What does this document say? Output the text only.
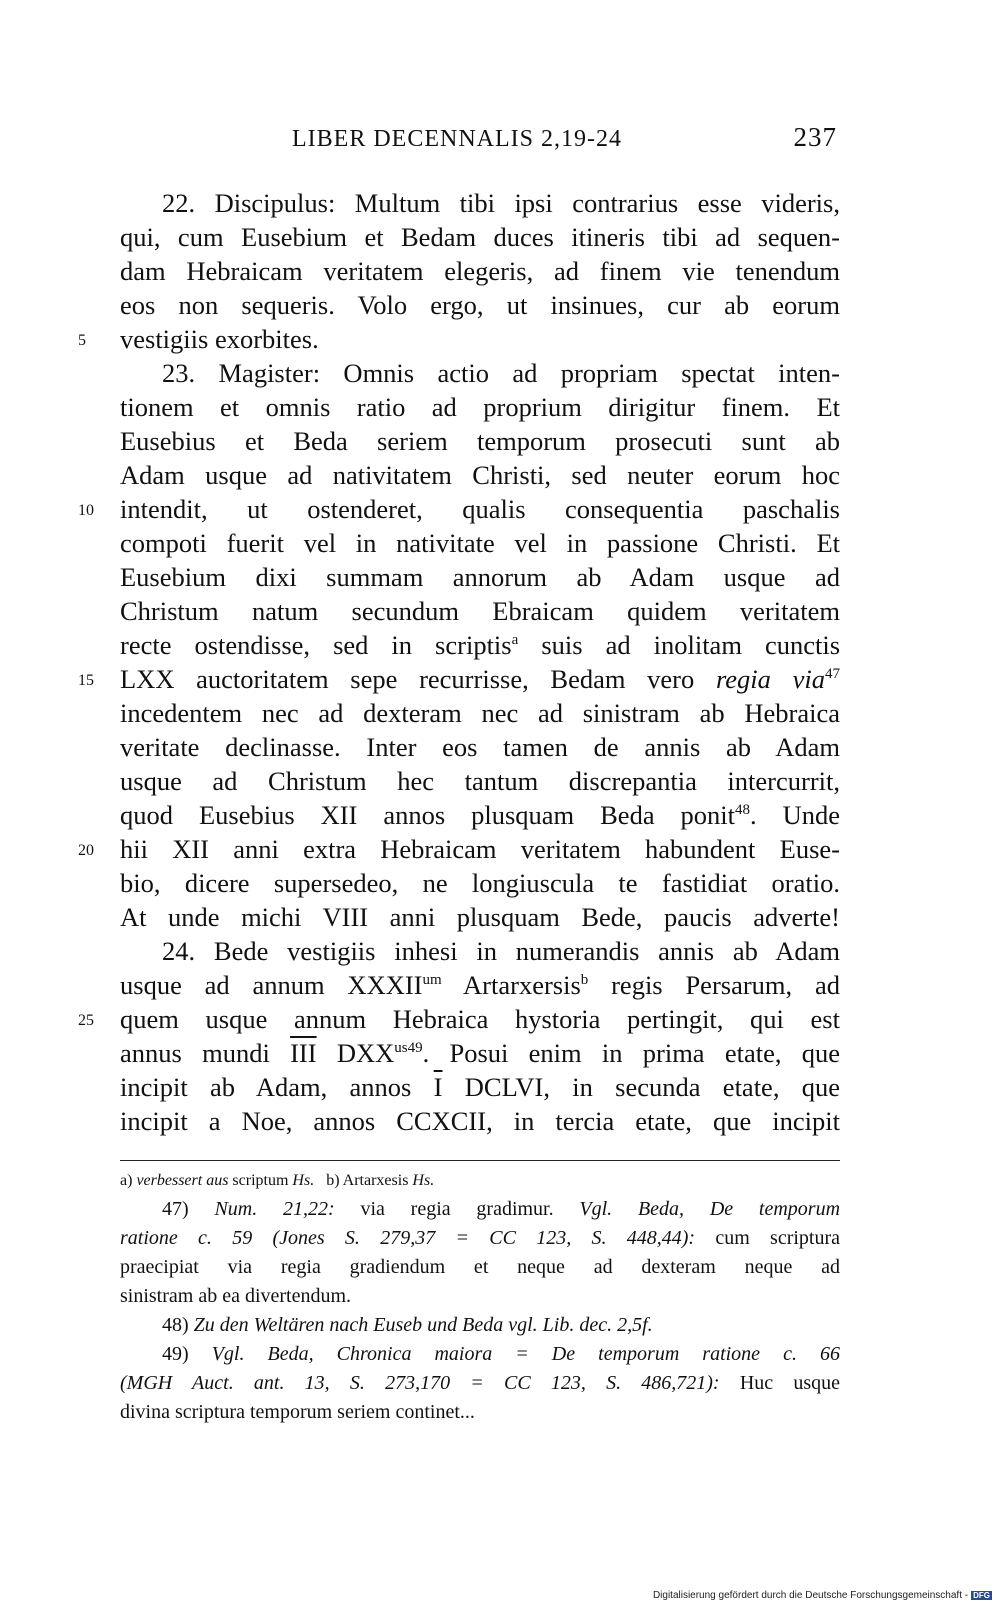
LIBER DECENNALIS 2,19-24	237
22. Discipulus: Multum tibi ipsi contrarius esse videris,
qui, cum Eusebium et Bedam duces itineris tibi ad sequen-
dam Hebraicam veritatem elegeris, ad finem vie tenendum
eos non sequeris. Volo ergo, ut insinues, cur ab eorum
5	vestigiis exorbites.
23. Magister: Omnis actio ad propriam spectat inten-
tionem et omnis ratio ad proprium dirigitur finem. Et
Eusebius et Beda seriem temporum prosecuti sunt ab
Adam usque ad nativitatem Christi, sed neuter eorum hoc
10 intendit, ut ostenderet, qualis consequentia paschalis
compoti fuerit vel in nativitate vel in passione Christi. Et
Eusebium dixi summam annorum ab Adam usque ad
Christum natum secundum Ebraicam quidem veritatem
recte ostendisse, sed in scriptis$^a$ suis ad inolitam cunctis
15 LXX auctoritatem sepe recurrisse, Bedam vero regia via$^{47}$
incedentem nec ad dexteram nec ad sinistram ab Hebraica
veritate declinasse. Inter eos tamen de annis ab Adam
usque ad Christum hec tantum discrepantia intercurrit,
quod Eusebius XII annos plusquam Beda ponit$^{48}$. Unde
20 hii XII anni extra Hebraicam veritatem habundent Euse-
bio, dicere supersedeo, ne longiuscula te fastidiat oratio.
At unde michi VIII anni plusquam Bede, paucis adverte!
24. Bede vestigiis inhesi in numerandis annis ab Adam
usque ad annum $XXXII^{um}$ Artarxersis$^b$ regis Persarum, ad
25 quem usque annum Hebraica hystoria pertingit, qui est
annus mundi $\overline{III}$ $DXX^{us49}$. Posui enim in prima etate, que
incipit ab Adam, annos $\overline{I}$ DCLVI, in secunda etate, que
incipit a Noe, annos CCXCII, in tercia etate, que incipit
a) verbessert aus scriptum Hs. b) Artarxesis Hs.
47) Num. 21,22: via regia gradimur. Vgl. Beda, De temporum
ratione c. 59 (Jones S. 279,37 = CC 123, S. 448,44): cum scriptura
praecipiat via regia gradiendum et neque ad dexteram neque ad
sinistram ab ea divertendum.
48) Zu den Weltären nach Euseb und Beda vgl. Lib. dec. 2,5f.
49) Vgl. Beda, Chronica maiora = De temporum ratione c. 66
(MGH Auct. ant. 13, S. 273,170 = CC 123, S. 486,721): Huc usque
divina scriptura temporum seriem continet...
Digitalisierung gefördert durch die Deutsche Forschungsgemeinschaft - DFG
